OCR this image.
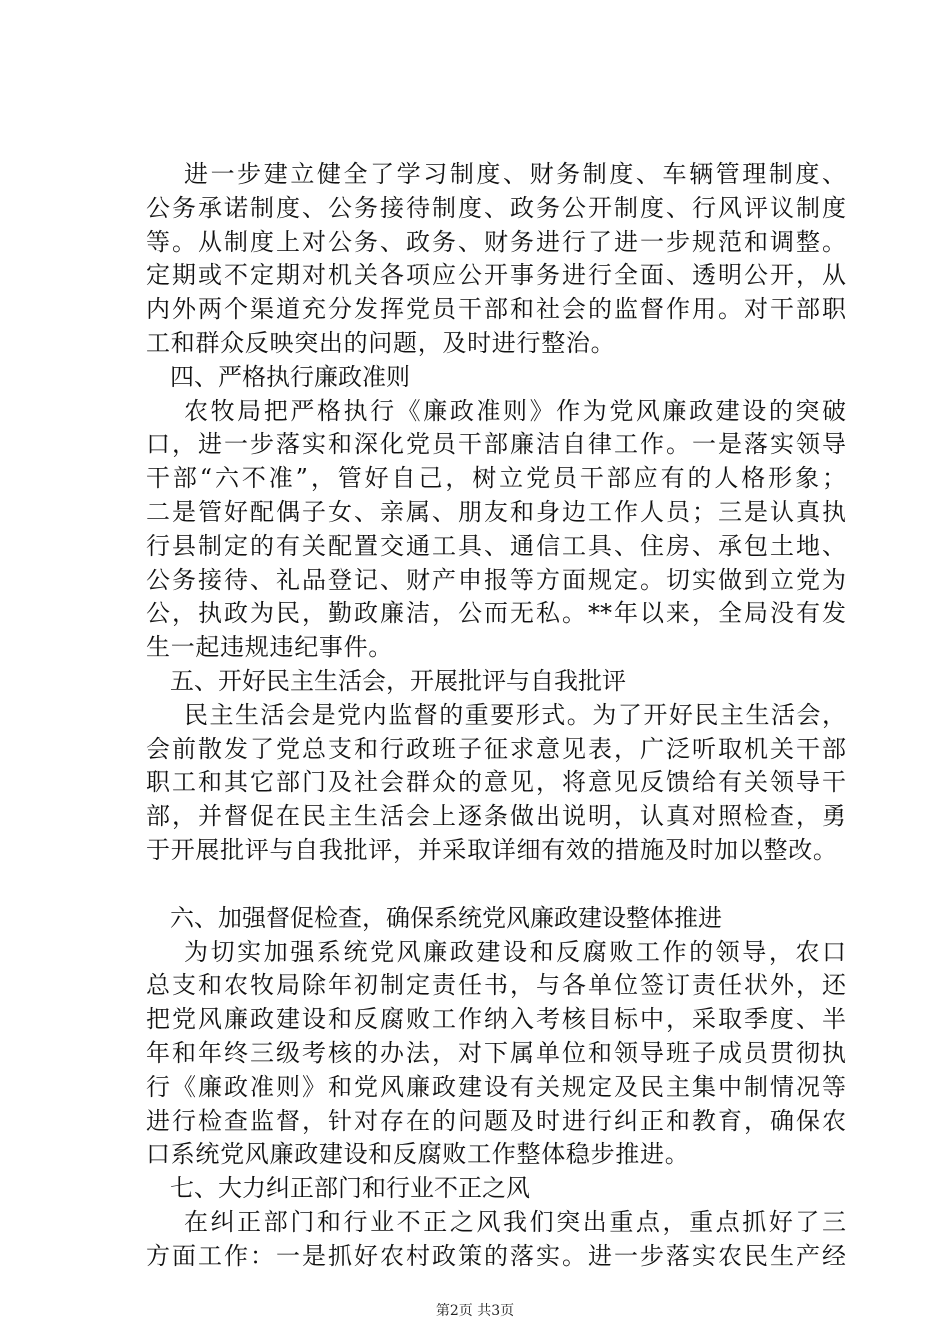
进一步建立健全了学习制度、财务制度、车辆管理制度、
公务承诺制度、公务接待制度、政务公开制度、行风评议制度
等。从制度上对公务、政务、财务进行了进一步规范和调整。
定期或不定期对机关各项应公开事务进行全面、透明公开，从
内外两个渠道充分发挥党员干部和社会的监督作用。对干部职
工和群众反映突出的问题，及时进行整治。
四、严格执行廉政准则
农牧局把严格执行《廉政准则》作为党风廉政建设的突破
口，进一步落实和深化党员干部廉洁自律工作。一是落实领导
干部“六不准”，管好自己，树立党员干部应有的人格形象；
二是管好配偶子女、亲属、朋友和身边工作人员；三是认真执
行县制定的有关配置交通工具、通信工具、住房、承包土地、
公务接待、礼品登记、财产申报等方面规定。切实做到立党为
公，执政为民，勤政廉洁，公而无私。**年以来，全局没有发
生一起违规违纪事件。
五、开好民主生活会，开展批评与自我批评
民主生活会是党内监督的重要形式。为了开好民主生活会，
会前散发了党总支和行政班子征求意见表，广泛听取机关干部
职工和其它部门及社会群众的意见，将意见反馈给有关领导干
部，并督促在民主生活会上逐条做出说明，认真对照检查，勇
于开展批评与自我批评，并采取详细有效的措施及时加以整改。
六、加强督促检查，确保系统党风廉政建设整体推进
为切实加强系统党风廉政建设和反腐败工作的领导，农口
总支和农牧局除年初制定责任书，与各单位签订责任状外，还
把党风廉政建设和反腐败工作纳入考核目标中，采取季度、半
年和年终三级考核的办法，对下属单位和领导班子成员贯彻执
行《廉政准则》和党风廉政建设有关规定及民主集中制情况等
进行检查监督，针对存在的问题及时进行纠正和教育，确保农
口系统党风廉政建设和反腐败工作整体稳步推进。
七、大力纠正部门和行业不正之风
在纠正部门和行业不正之风我们突出重点，重点抓好了三
方面工作：一是抓好农村政策的落实。进一步落实农民生产经
第2页 共3页
